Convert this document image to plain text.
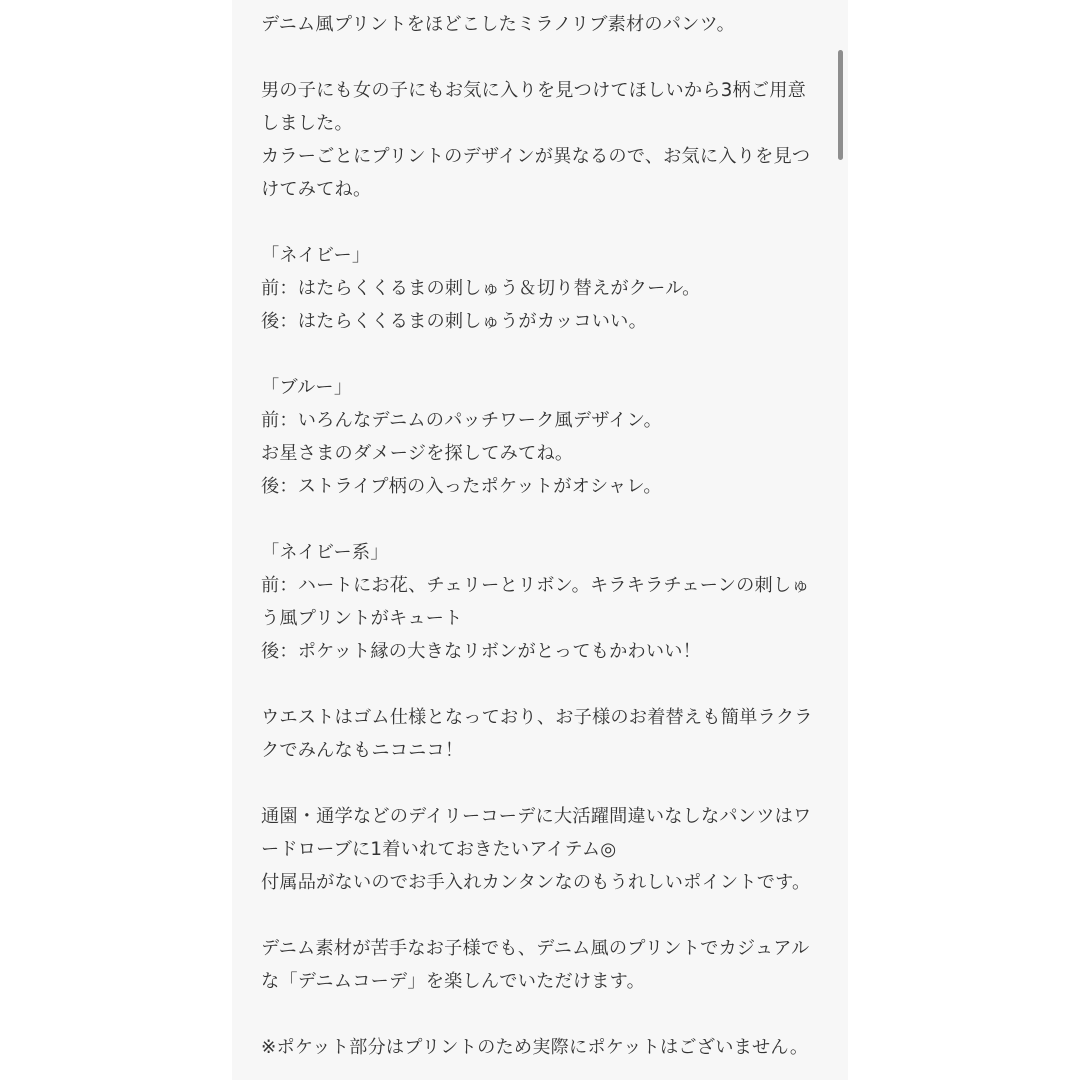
デニム風プリントをほどこしたミラノリブ素材のパンツ。
男の子にも女の子にもお気に入りを見つけてほしいから3柄ご用意
しました。
カラーごとにプリントのデザインが異なるので、お気に入りを見つ
けてみてね。
「ネイビー」
前：はたらくくるまの刺しゅう＆切り替えがクール。
後：はたらくくるまの刺しゅうがカッコいい。
「ブルー」
前：いろんなデニムのパッチワーク風デザイン。
お星さまのダメージを探してみてね。
後：ストライプ柄の入ったポケットがオシャレ。
「ネイビー系」
前：ハートにお花、チェリーとリボン。キラキラチェーンの刺しゅ
う風プリントがキュート
後：ポケット縁の大きなリボンがとってもかわいい！
ウエストはゴム仕様となっており、お子様のお着替えも簡単ラクラ
クでみんなもニコニコ！
通園・通学などのデイリーコーデに大活躍間違いなしなパンツはワ
ードローブに1着いれておきたいアイテム◎
付属品がないのでお手入れカンタンなのもうれしいポイントです。
デニム素材が苦手なお子様でも、デニム風のプリントでカジュアル
な「デニムコーデ」を楽しんでいただけます。
※ポケット部分はプリントのため実際にポケットはございません。
